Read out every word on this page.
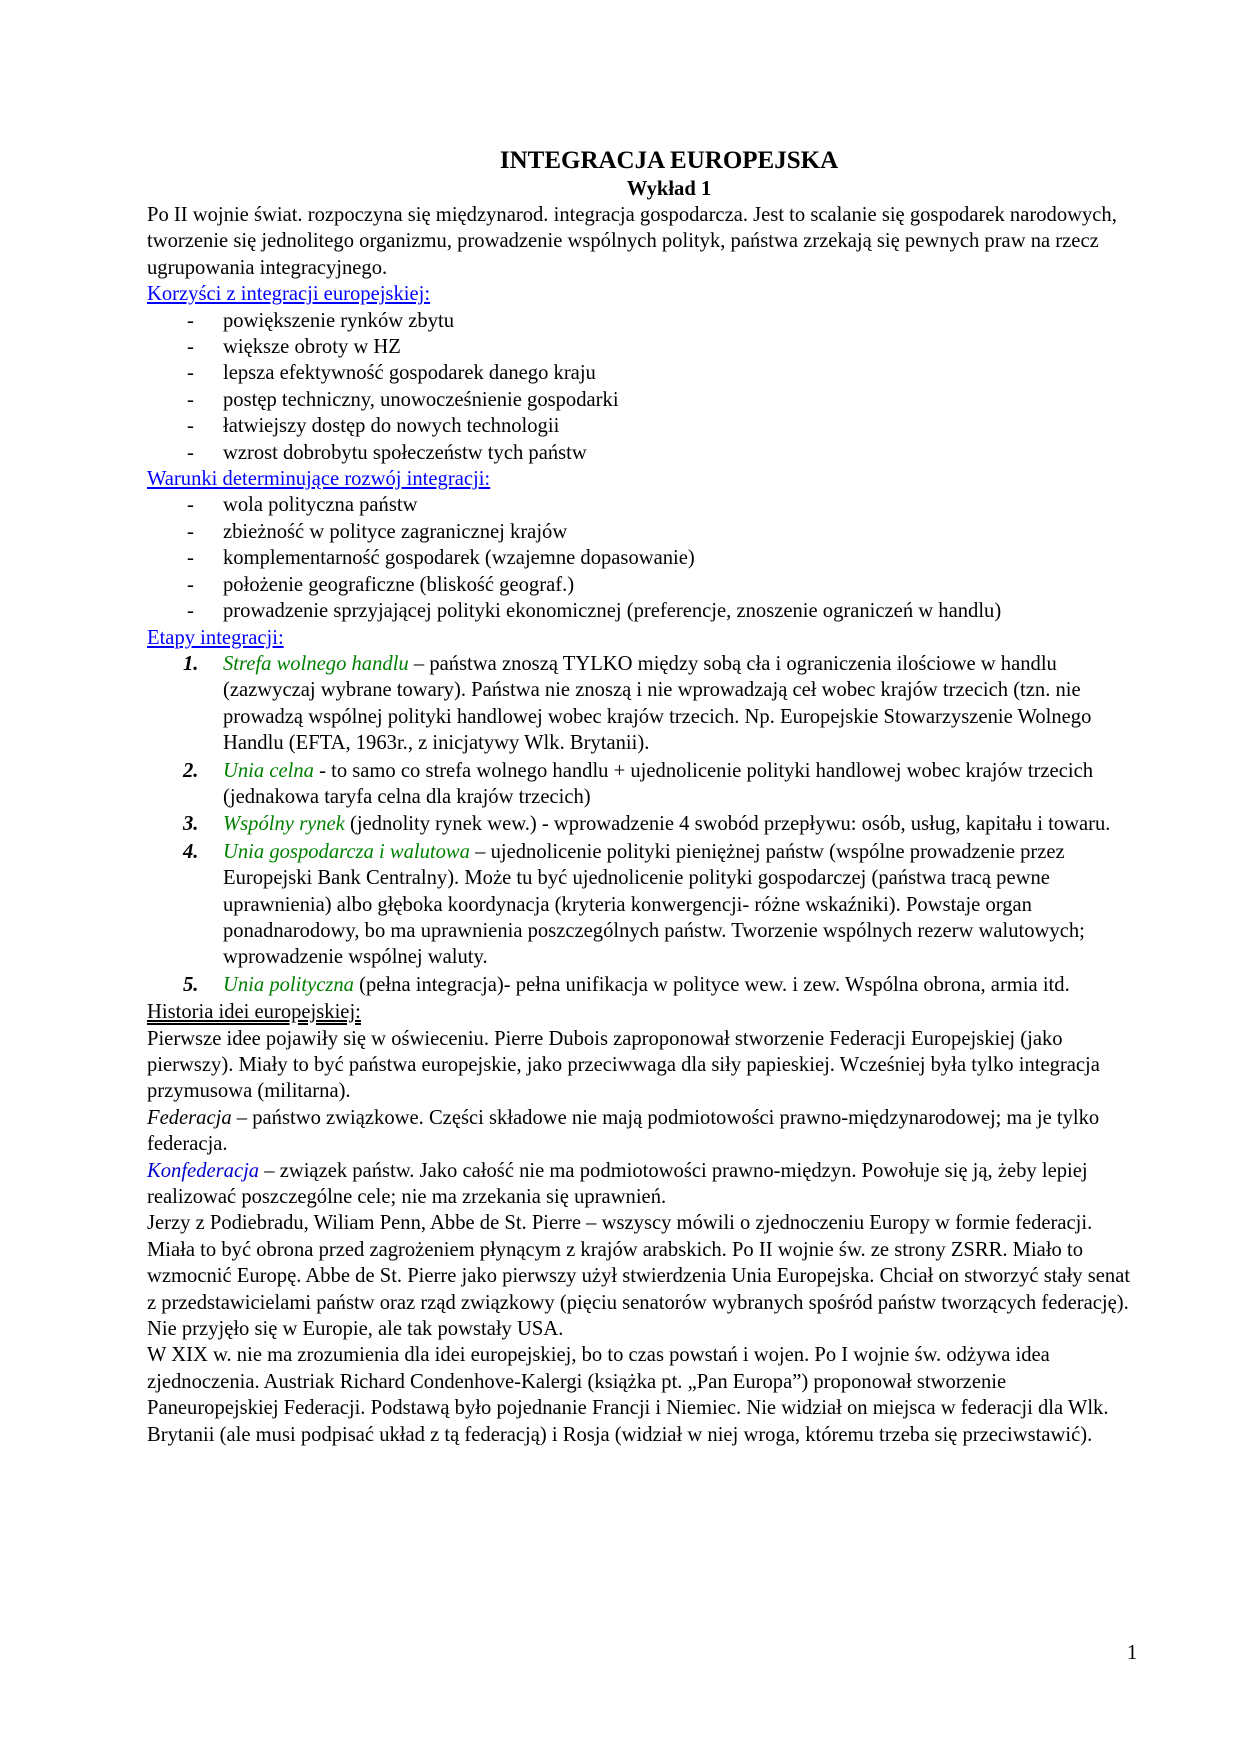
INTEGRACJA EUROPEJSKA
Wykład 1

Po II wojnie świat. rozpoczyna się międzynarod. integracja gospodarcza. Jest to scalanie się gospodarek narodowych, tworzenie się jednolitego organizmu, prowadzenie wspólnych polityk, państwa zrzekają się pewnych praw na rzecz ugrupowania integracyjnego.

Korzyści z integracji europejskiej:
- powiększenie rynków zbytu
- większe obroty w HZ
- lepsza efektywność gospodarek danego kraju
- postęp techniczny, unowocześnienie gospodarki
- łatwiejszy dostęp do nowych technologii
- wzrost dobrobytu społeczeństw tych państw
Warunki determinujące rozwój integracji:
- wola polityczna państw
- zbieżność w polityce zagranicznej krajów
- komplementarność gospodarek (wzajemne dopasowanie)
- położenie geograficzne (bliskość geograf.)
- prowadzenie sprzyjającej polityki ekonomicznej (preferencje, znoszenie ograniczeń w handlu)
Etapy integracji:
1. Strefa wolnego handlu – państwa znoszą TYLKO między sobą cła i ograniczenia ilościowe w handlu (zazwyczaj wybrane towary). Państwa nie znoszą i nie wprowadzają ceł wobec krajów trzecich (tzn. nie prowadzą wspólnej polityki handlowej wobec krajów trzecich. Np. Europejskie Stowarzyszenie Wolnego Handlu (EFTA, 1963r., z inicjatywy Wlk. Brytanii).
2. Unia celna - to samo co strefa wolnego handlu + ujednolicenie polityki handlowej wobec krajów trzecich (jednakowa taryfa celna dla krajów trzecich)
3. Wspólny rynek (jednolity rynek wew.) - wprowadzenie 4 swobód przepływu: osób, usług, kapitału i towaru.
4. Unia gospodarcza i walutowa – ujednolicenie polityki pieniężnej państw (wspólne prowadzenie przez Europejski Bank Centralny). Może tu być ujednolicenie polityki gospodarczej (państwa tracą pewne uprawnienia) albo głęboka koordynacja (kryteria konwergencji- różne wskaźniki). Powstaje organ ponadnarodowy, bo ma uprawnienia poszczególnych państw. Tworzenie wspólnych rezerw walutowych; wprowadzenie wspólnej waluty.
5. Unia polityczna (pełna integracja)- pełna unifikacja w polityce wew. i zew. Wspólna obrona, armia itd.
Historia idei europejskiej:

Pierwsze idee pojawiły się w oświeceniu. Pierre Dubois zaproponował stworzenie Federacji Europejskiej (jako pierwszy). Miały to być państwa europejskie, jako przeciwwaga dla siły papieskiej. Wcześniej była tylko integracja przymusowa (militarna).

Federacja – państwo związkowe. Części składowe nie mają podmiotowości prawno-międzynarodowej; ma je tylko federacja.

Konfederacja – związek państw. Jako całość nie ma podmiotowości prawno-międzyn. Powołuje się ją, żeby lepiej realizować poszczególne cele; nie ma zrzekania się uprawnień.

Jerzy z Podiebradu, Wiliam Penn, Abbe de St. Pierre – wszyscy mówili o zjednoczeniu Europy w formie federacji. Miała to być obrona przed zagrożeniem płynącym z krajów arabskich. Po II wojnie św. ze strony ZSRR. Miało to wzmocnić Europę. Abbe de St. Pierre jako pierwszy użył stwierdzenia Unia Europejska. Chciał on stworzyć stały senat z przedstawicielami państw oraz rząd związkowy (pięciu senatorów wybranych spośród państw tworzących federację). Nie przyjęło się w Europie, ale tak powstały USA.

W XIX w. nie ma zrozumienia dla idei europejskiej, bo to czas powstań i wojen. Po I wojnie św. odżywa idea zjednoczenia. Austriak Richard Condenhove-Kalergi (książka pt. „Pan Europa”) proponował stworzenie Paneuropejskiej Federacji. Podstawą było pojednanie Francji i Niemiec. Nie widział on miejsca w federacji dla Wlk. Brytanii (ale musi podpisać układ z tą federacją) i Rosja (widział w niej wroga, któremu trzeba się przeciwstawić).

1
